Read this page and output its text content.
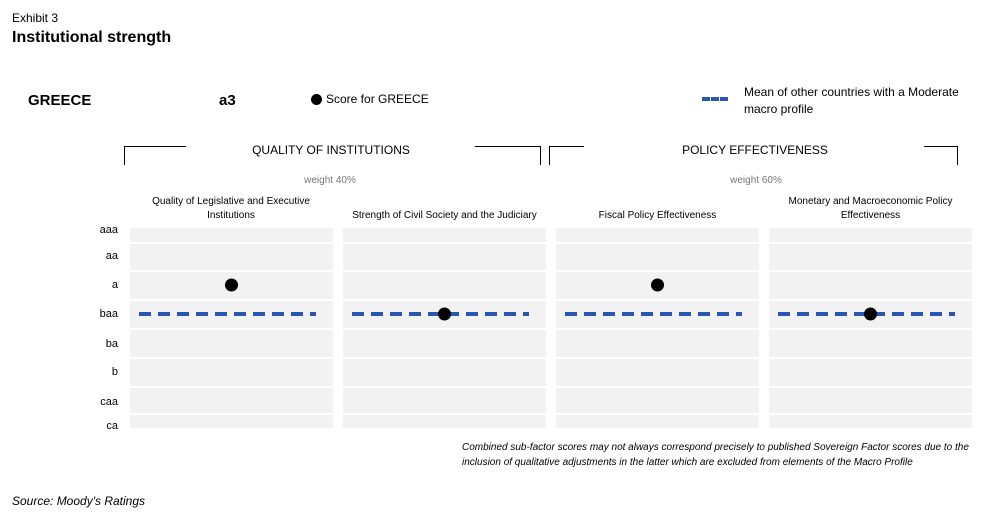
Exhibit 3
Institutional strength
GREECE	a3	Score for GREECE	Mean of other countries with a Moderate macro profile
QUALITY OF INSTITUTIONS
weight 40%
POLICY EFFECTIVENESS
weight 60%
Quality of Legislative and Executive Institutions	Strength of Civil Society and the Judiciary	Fiscal Policy Effectiveness
Monetary and Macroeconomic Policy Effectiveness
aaa
aa
a
baa
ba
b
caa
ca
Combined sub-factor scores may not always correspond precisely to published Sovereign Factor scores due to the inclusion of qualitative adjustments in the latter which are excluded from elements of the Macro Profile
Source: Moody's Ratings
